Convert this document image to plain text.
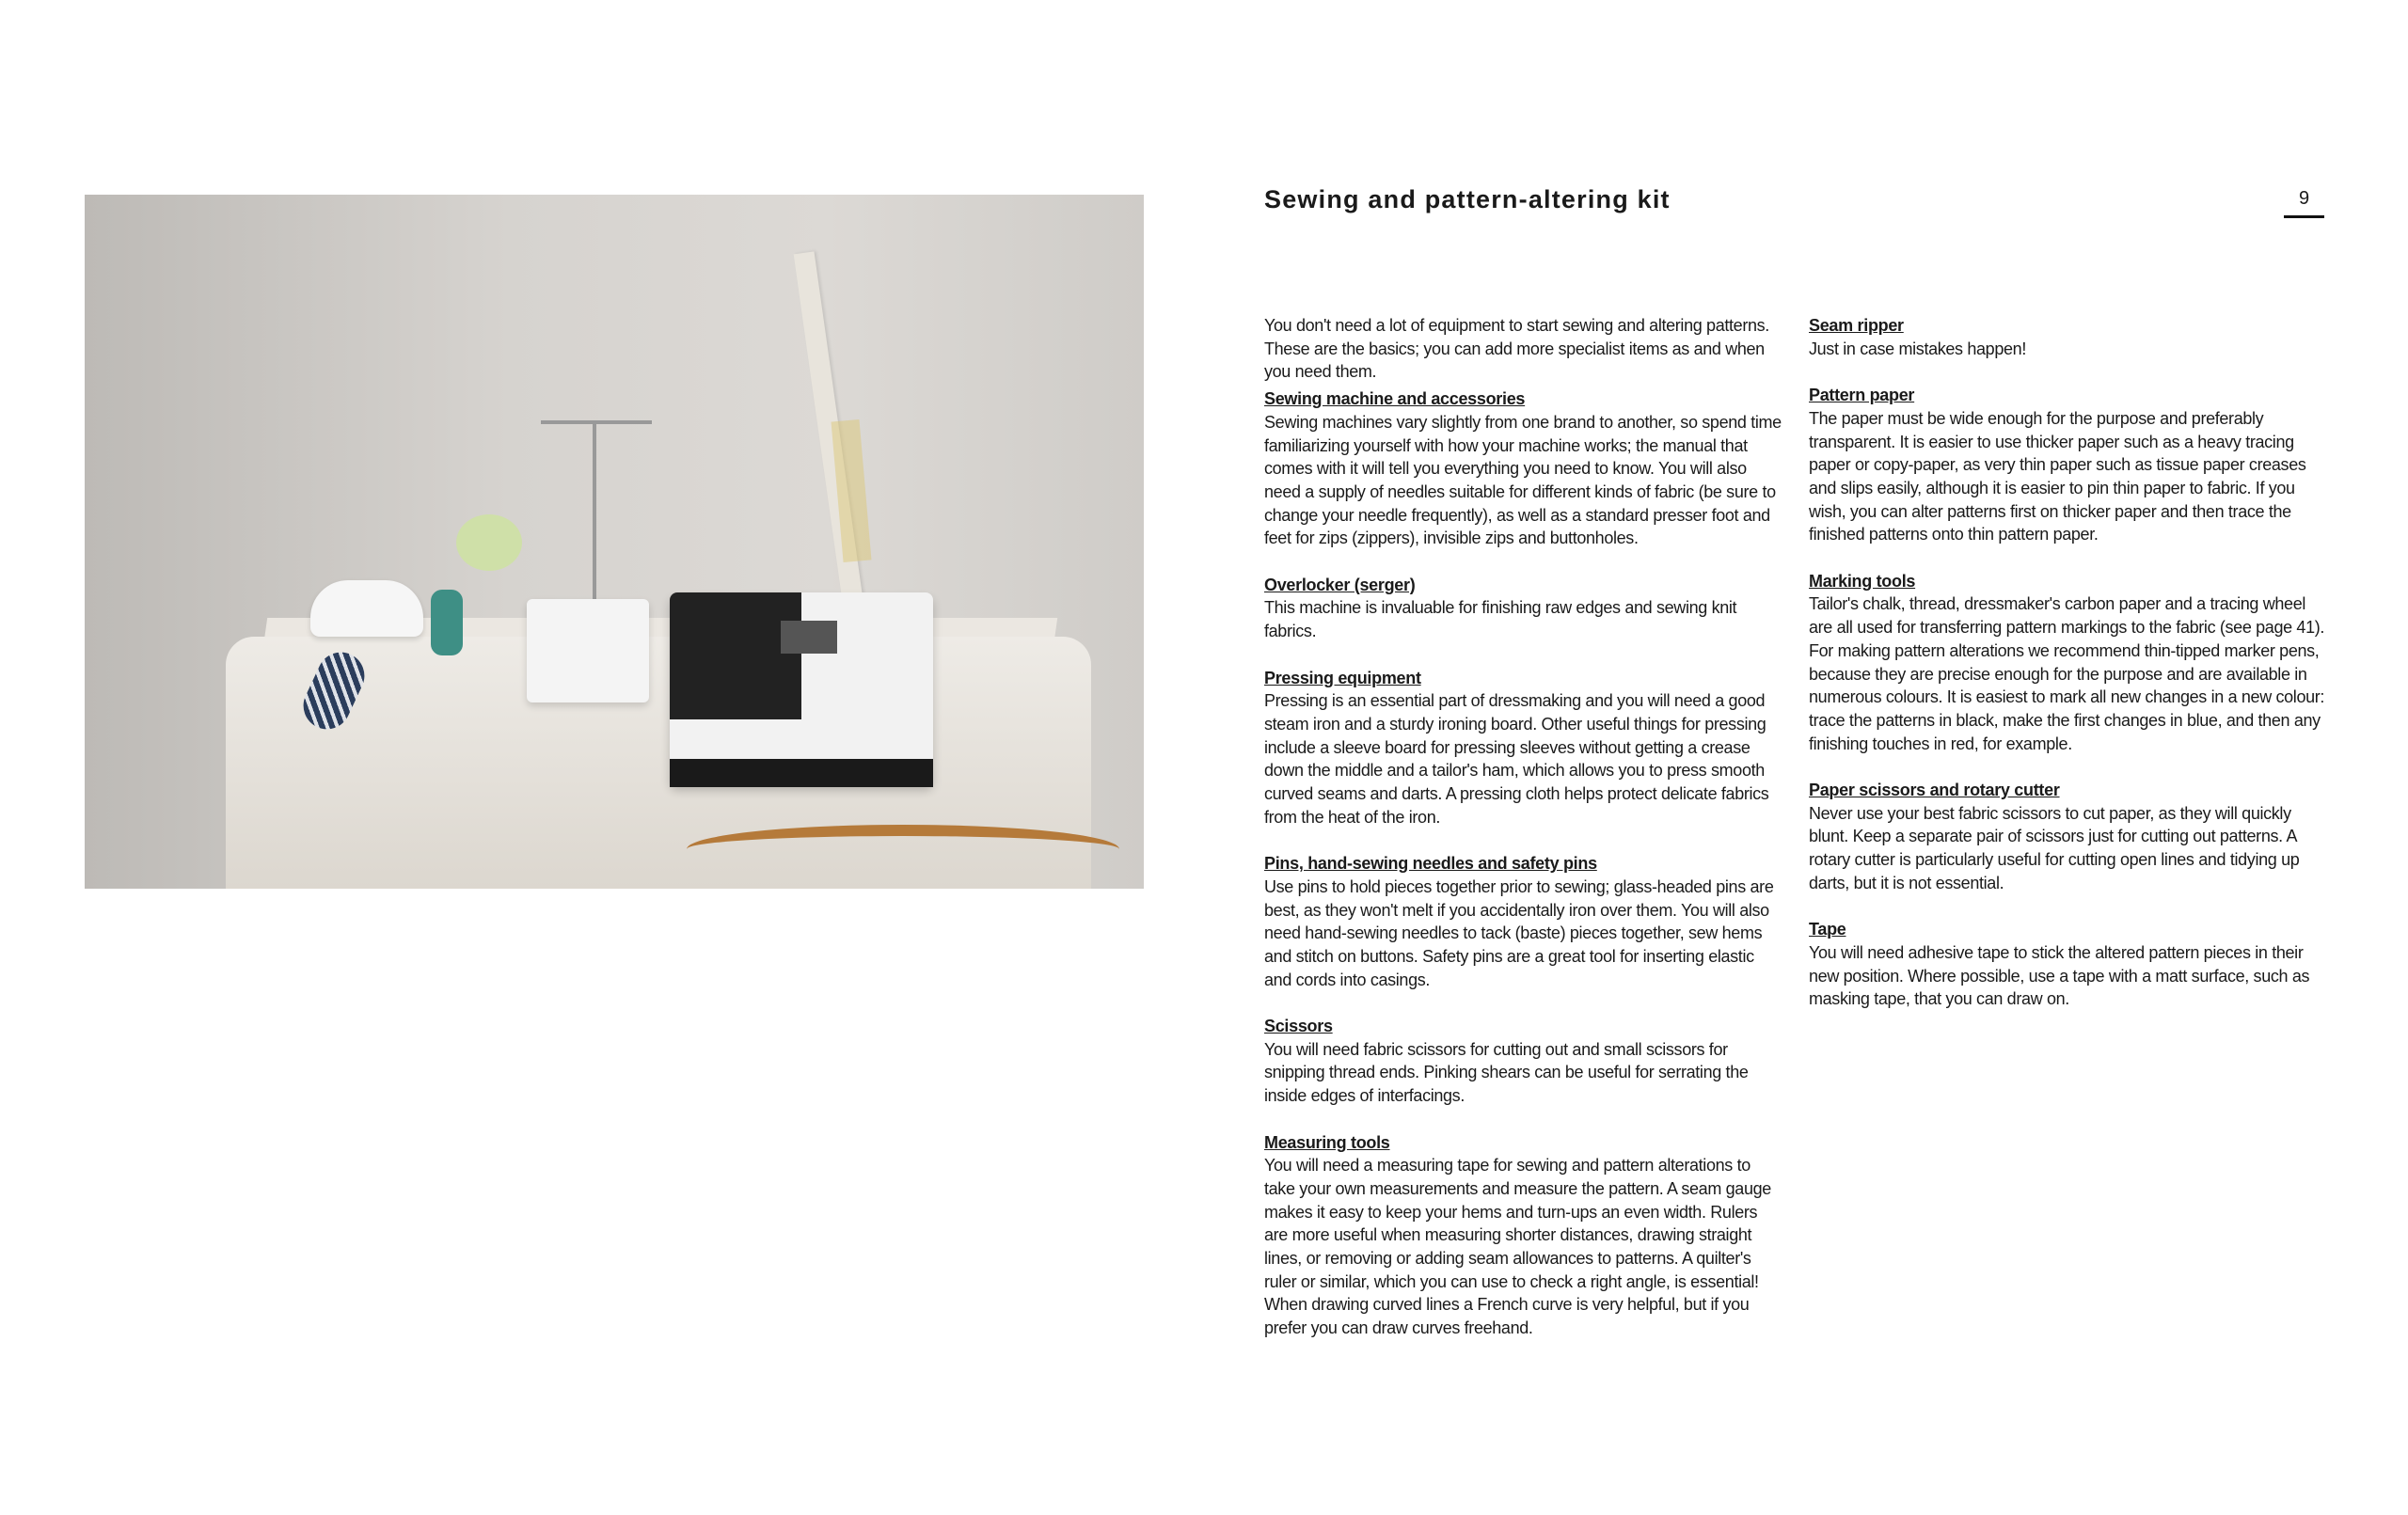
Sewing and pattern-altering kit	9

You don't need a lot of equipment to start sewing and altering patterns. These are the basics; you can add more specialist items as and when you need them.

Sewing machine and accessories

Sewing machines vary slightly from one brand to another, so spend time familiarizing yourself with how your machine works; the manual that comes with it will tell you everything you need to know. You will also need a supply of needles suitable for different kinds of fabric (be sure to change your needle frequently), as well as a standard presser foot and feet for zips (zippers), invisible zips and buttonholes.

Overlocker (serger)

This machine is invaluable for finishing raw edges and sewing knit fabrics.

Pressing equipment

Pressing is an essential part of dressmaking and you will need a good steam iron and a sturdy ironing board. Other useful things for pressing include a sleeve board for pressing sleeves without getting a crease down the middle and a tailor's ham, which allows you to press smooth curved seams and darts. A pressing cloth helps protect delicate fabrics from the heat of the iron.

Pins, hand-sewing needles and safety pins

Use pins to hold pieces together prior to sewing; glass-headed pins are best, as they won't melt if you accidentally iron over them. You will also need hand-sewing needles to tack (baste) pieces together, sew hems and stitch on buttons. Safety pins are a great tool for inserting elastic and cords into casings.

Scissors

You will need fabric scissors for cutting out and small scissors for snipping thread ends. Pinking shears can be useful for serrating the inside edges of interfacings.

Measuring tools

You will need a measuring tape for sewing and pattern alterations to take your own measurements and measure the pattern. A seam gauge makes it easy to keep your hems and turn-ups an even width. Rulers are more useful when measuring shorter distances, drawing straight lines, or removing or adding seam allowances to patterns. A quilter's ruler or similar, which you can use to check a right angle, is essential! When drawing curved lines a French curve is very helpful, but if you prefer you can draw curves freehand.

Seam ripper

Just in case mistakes happen!

Pattern paper

The paper must be wide enough for the purpose and preferably transparent. It is easier to use thicker paper such as a heavy tracing paper or copy-paper, as very thin paper such as tissue paper creases and slips easily, although it is easier to pin thin paper to fabric. If you wish, you can alter patterns first on thicker paper and then trace the finished patterns onto thin pattern paper.

Marking tools

Tailor's chalk, thread, dressmaker's carbon paper and a tracing wheel are all used for transferring pattern markings to the fabric (see page 41). For making pattern alterations we recommend thin-tipped marker pens, because they are precise enough for the purpose and are available in numerous colours. It is easiest to mark all new changes in a new colour: trace the patterns in black, make the first changes in blue, and then any finishing touches in red, for example.

Paper scissors and rotary cutter

Never use your best fabric scissors to cut paper, as they will quickly blunt. Keep a separate pair of scissors just for cutting out patterns. A rotary cutter is particularly useful for cutting open lines and tidying up darts, but it is not essential.

Tape

You will need adhesive tape to stick the altered pattern pieces in their new position. Where possible, use a tape with a matt surface, such as masking tape, that you can draw on.
